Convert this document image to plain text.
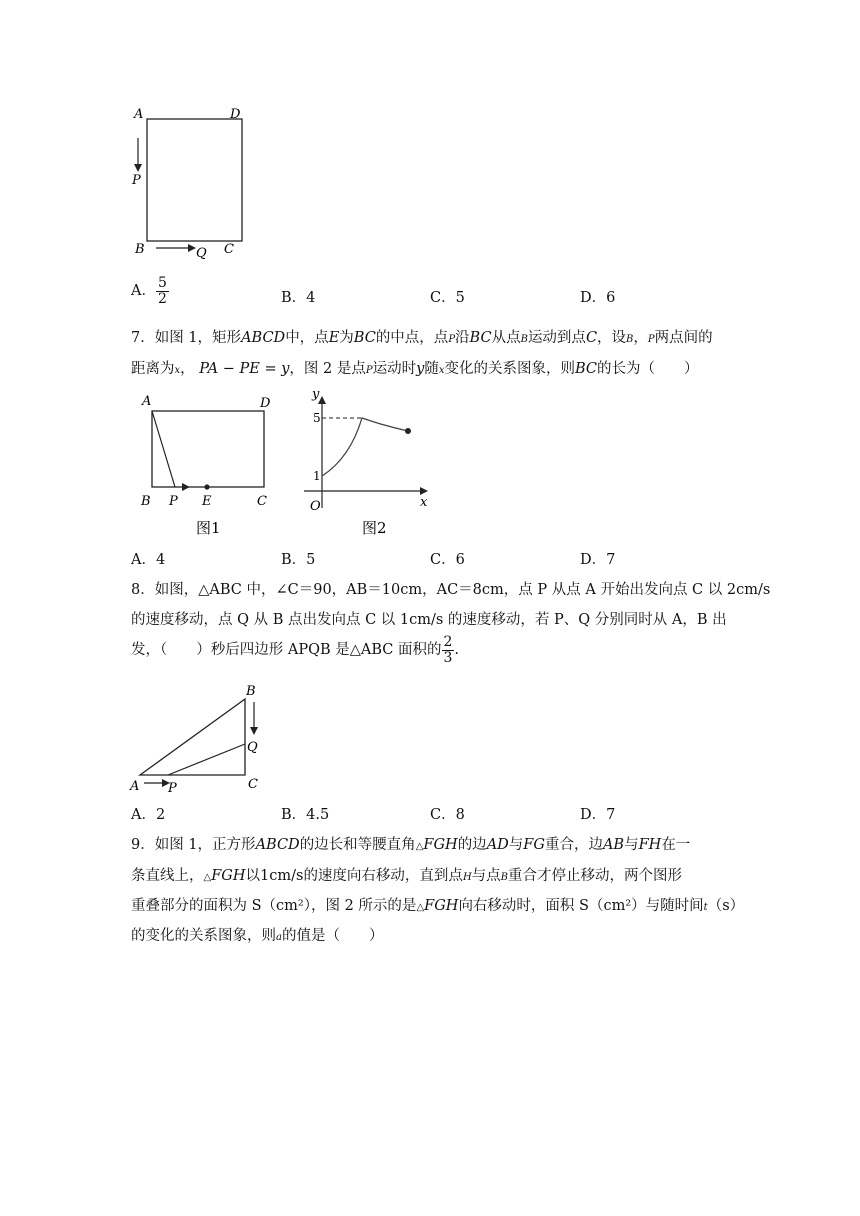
A	D
P
B	Q C
A． $\frac{5}{2}$	B．4	C．5	D．6
7．如图 1，矩形ABCD中，点E为BC的中点，点P沿BC从点B运动到点C，设B，P两点间的
距离为x， PA − PE = y，图 2 是点P运动时y随x变化的关系图象，则BC的长为（　　）
A	D
B P E	C
图1
y
x
O
5
1
图2
A．4	B．5	C．6	D．7
8．如图，△ABC 中，∠C＝90，AB＝10cm，AC＝8cm，点 P 从点 A 开始出发向点 C 以 2cm/s
的速度移动，点 Q 从 B 点出发向点 C 以 1cm/s 的速度移动，若 P、Q 分别同时从 A，B 出
发，（　　）秒后四边形 APQB 是△ABC 面积的 $\frac{2}{3}$ .
B
Q
A P	C
A．2	B．4.5	C．8	D．7
9．如图 1，正方形ABCD的边长和等腰直角△FGH的边AD与FG重合，边AB与FH在一
条直线上，△FGH以1cm/s的速度向右移动，直到点H与点B重合才停止移动，两个图形
重叠部分的面积为 S（cm²），图 2 所示的是△FGH向右移动时，面积 S（cm²）与随时间t（s）
的变化的关系图象，则a的值是（　　）
